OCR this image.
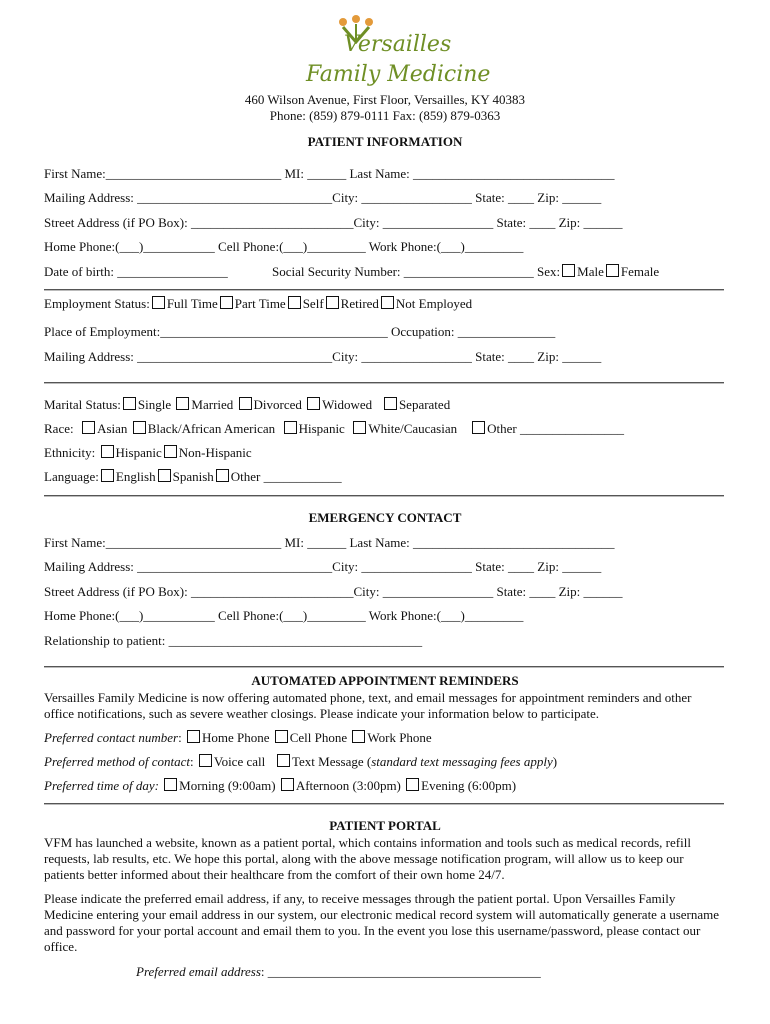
Versailles
Family Medicine
460 Wilson Avenue, First Floor, Versailles, KY 40383
Phone: (859) 879-0111 Fax: (859) 879-0363
PATIENT INFORMATION
First Name:___________________________ MI: ______ Last Name: _______________________________
Mailing Address: ______________________________City: _________________ State: ____ Zip: ______
Street Address (if PO Box): _________________________City: _________________ State: ____ Zip: ______
Home Phone:(___)___________ Cell Phone:(___)_________ Work Phone:(___)_________
Date of birth: _________________	Social Security Number: ____________________ Sex: Male Female
Employment Status: Full Time Part Time Self Retired Not Employed
Place of Employment:___________________________________ Occupation: _______________
Mailing Address: ______________________________City: _________________ State: ____ Zip: ______
Marital Status: Single Married Divorced Widowed Separated
Race: Asian Black/African American Hispanic White/Caucasian Other ________________
Ethnicity: Hispanic Non-Hispanic
Language: English Spanish Other ____________
EMERGENCY CONTACT
First Name:___________________________ MI: ______ Last Name: _______________________________
Mailing Address: ______________________________City: _________________ State: ____ Zip: ______
Street Address (if PO Box): _________________________City: _________________ State: ____ Zip: ______
Home Phone:(___)___________ Cell Phone:(___)_________ Work Phone:(___)_________
Relationship to patient: _______________________________________
AUTOMATED APPOINTMENT REMINDERS
Versailles Family Medicine is now offering automated phone, text, and email messages for appointment reminders and other office notifications, such as severe weather closings. Please indicate your information below to participate.
Preferred contact number: Home Phone Cell Phone Work Phone
Preferred method of contact: Voice call Text Message (standard text messaging fees apply)
Preferred time of day: Morning (9:00am) Afternoon (3:00pm) Evening (6:00pm)
PATIENT PORTAL
VFM has launched a website, known as a patient portal, which contains information and tools such as medical records, refill requests, lab results, etc. We hope this portal, along with the above message notification program, will allow us to keep our patients better informed about their healthcare from the comfort of their own home 24/7.
Please indicate the preferred email address, if any, to receive messages through the patient portal. Upon Versailles Family Medicine entering your email address in our system, our electronic medical record system will automatically generate a username and password for your portal account and email them to you. In the event you lose this username/password, please contact our office.
Preferred email address: __________________________________________
